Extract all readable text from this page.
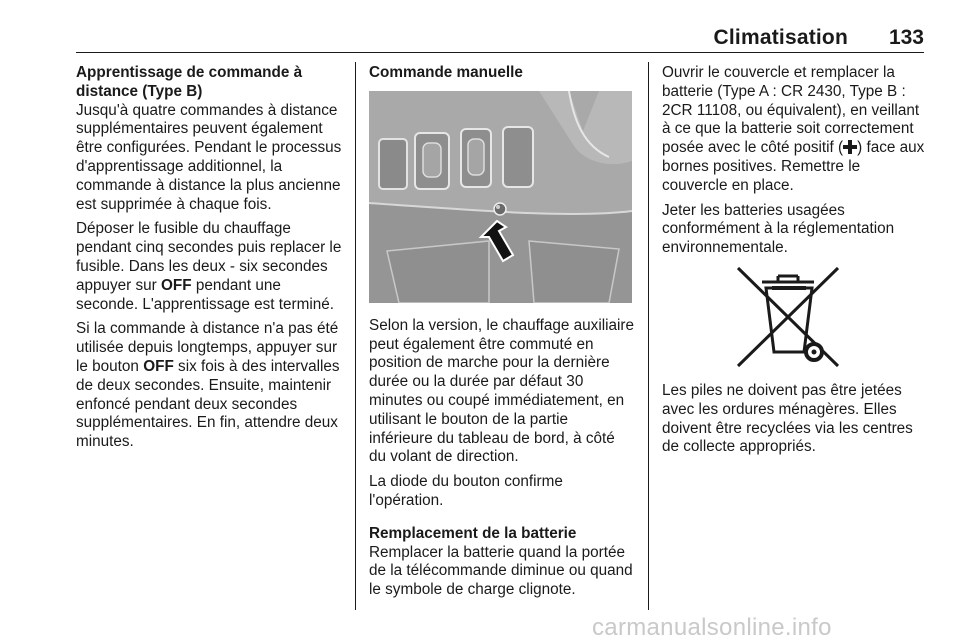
Climatisation 133
Apprentissage de commande à distance (Type B)

Jusqu'à quatre commandes à distance supplémentaires peuvent également être configurées. Pendant le processus d'apprentissage additionnel, la commande à distance la plus ancienne est supprimée à chaque fois.

Déposer le fusible du chauffage pendant cinq secondes puis replacer le fusible. Dans les deux - six secondes appuyer sur OFF pendant une seconde. L'apprentissage est terminé.

Si la commande à distance n'a pas été utilisée depuis longtemps, appuyer sur le bouton OFF six fois à des intervalles de deux secondes. Ensuite, maintenir enfoncé pendant deux secondes supplémentaires. En fin, attendre deux minutes.

Commande manuelle

Selon la version, le chauffage auxiliaire peut également être commuté en position de marche pour la dernière durée ou la durée par défaut 30 minutes ou coupé immédiatement, en utilisant le bouton de la partie inférieure du tableau de bord, à côté du volant de direction.

La diode du bouton confirme l'opération.

Remplacement de la batterie

Remplacer la batterie quand la portée de la télécommande diminue ou quand le symbole de charge clignote.

Ouvrir le couvercle et remplacer la batterie (Type A : CR 2430, Type B : 2CR 11108, ou équivalent), en veillant à ce que la batterie soit correctement posée avec le côté positif ( ) face aux bornes positives. Remettre le couvercle en place.

Jeter les batteries usagées conformément à la réglementation environnementale.

Les piles ne doivent pas être jetées avec les ordures ménagères. Elles doivent être recyclées via les centres de collecte appropriés.

carmanualsonline.info
